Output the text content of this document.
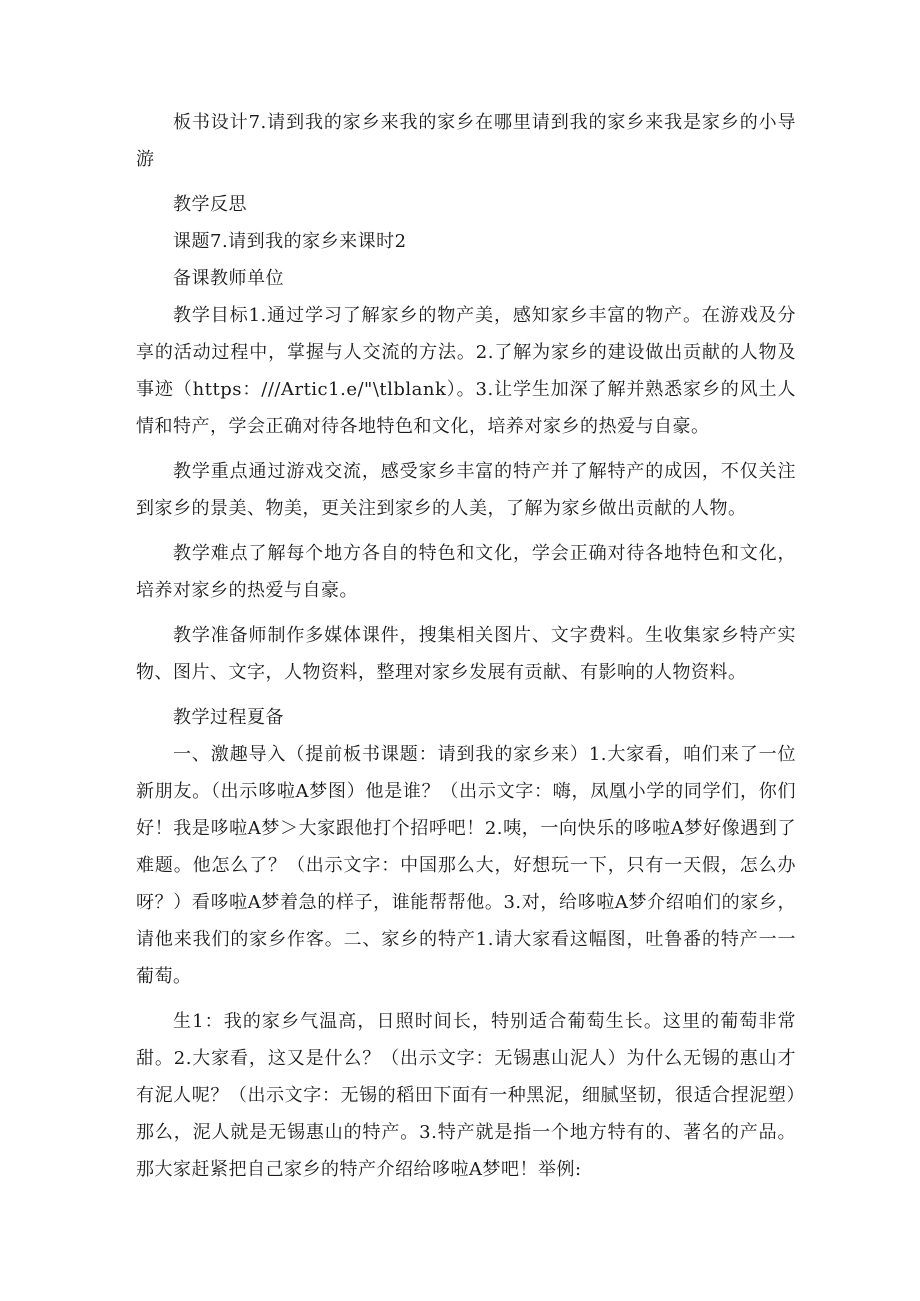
板书设计7.请到我的家乡来我的家乡在哪里请到我的家乡来我是家乡的小导游

教学反思

课题7.请到我的家乡来课时2

备课教师单位

教学目标1.通过学习了解家乡的物产美，感知家乡丰富的物产。在游戏及分享的活动过程中，掌握与人交流的方法。2.了解为家乡的建设做出贡献的人物及事迹（https：///Artic1.e/"\tlblank）。3.让学生加深了解并熟悉家乡的风土人情和特产，学会正确对待各地特色和文化，培养对家乡的热爱与自豪。

教学重点通过游戏交流，感受家乡丰富的特产并了解特产的成因，不仅关注到家乡的景美、物美，更关注到家乡的人美，了解为家乡做出贡献的人物。

教学难点了解每个地方各自的特色和文化，学会正确对待各地特色和文化，培养对家乡的热爱与自豪。

教学准备师制作多媒体课件，搜集相关图片、文字费料。生收集家乡特产实物、图片、文字，人物资料，整理对家乡发展有贡献、有影响的人物资料。

教学过程夏备

一、激趣导入（提前板书课题：请到我的家乡来）1.大家看，咱们来了一位新朋友。（出示哆啦A梦图）他是谁？（出示文字：嗨，凤凰小学的同学们，你们好！我是哆啦A梦＞大家跟他打个招呼吧！2.咦，一向快乐的哆啦A梦好像遇到了难题。他怎么了？（出示文字：中国那么大，好想玩一下，只有一天假，怎么办呀？）看哆啦A梦着急的样子，谁能帮帮他。3.对，给哆啦A梦介绍咱们的家乡，请他来我们的家乡作客。二、家乡的特产1.请大家看这幅图，吐鲁番的特产一一葡萄。

生1：我的家乡气温高，日照时间长，特别适合葡萄生长。这里的葡萄非常甜。2.大家看，这又是什么？（出示文字：无锡惠山泥人）为什么无锡的惠山才有泥人呢？（出示文字：无锡的稻田下面有一种黑泥，细腻坚韧，很适合捏泥塑）那么，泥人就是无锡惠山的特产。3.特产就是指一个地方特有的、著名的产品。那大家赶紧把自己家乡的特产介绍给哆啦A梦吧！举例:
